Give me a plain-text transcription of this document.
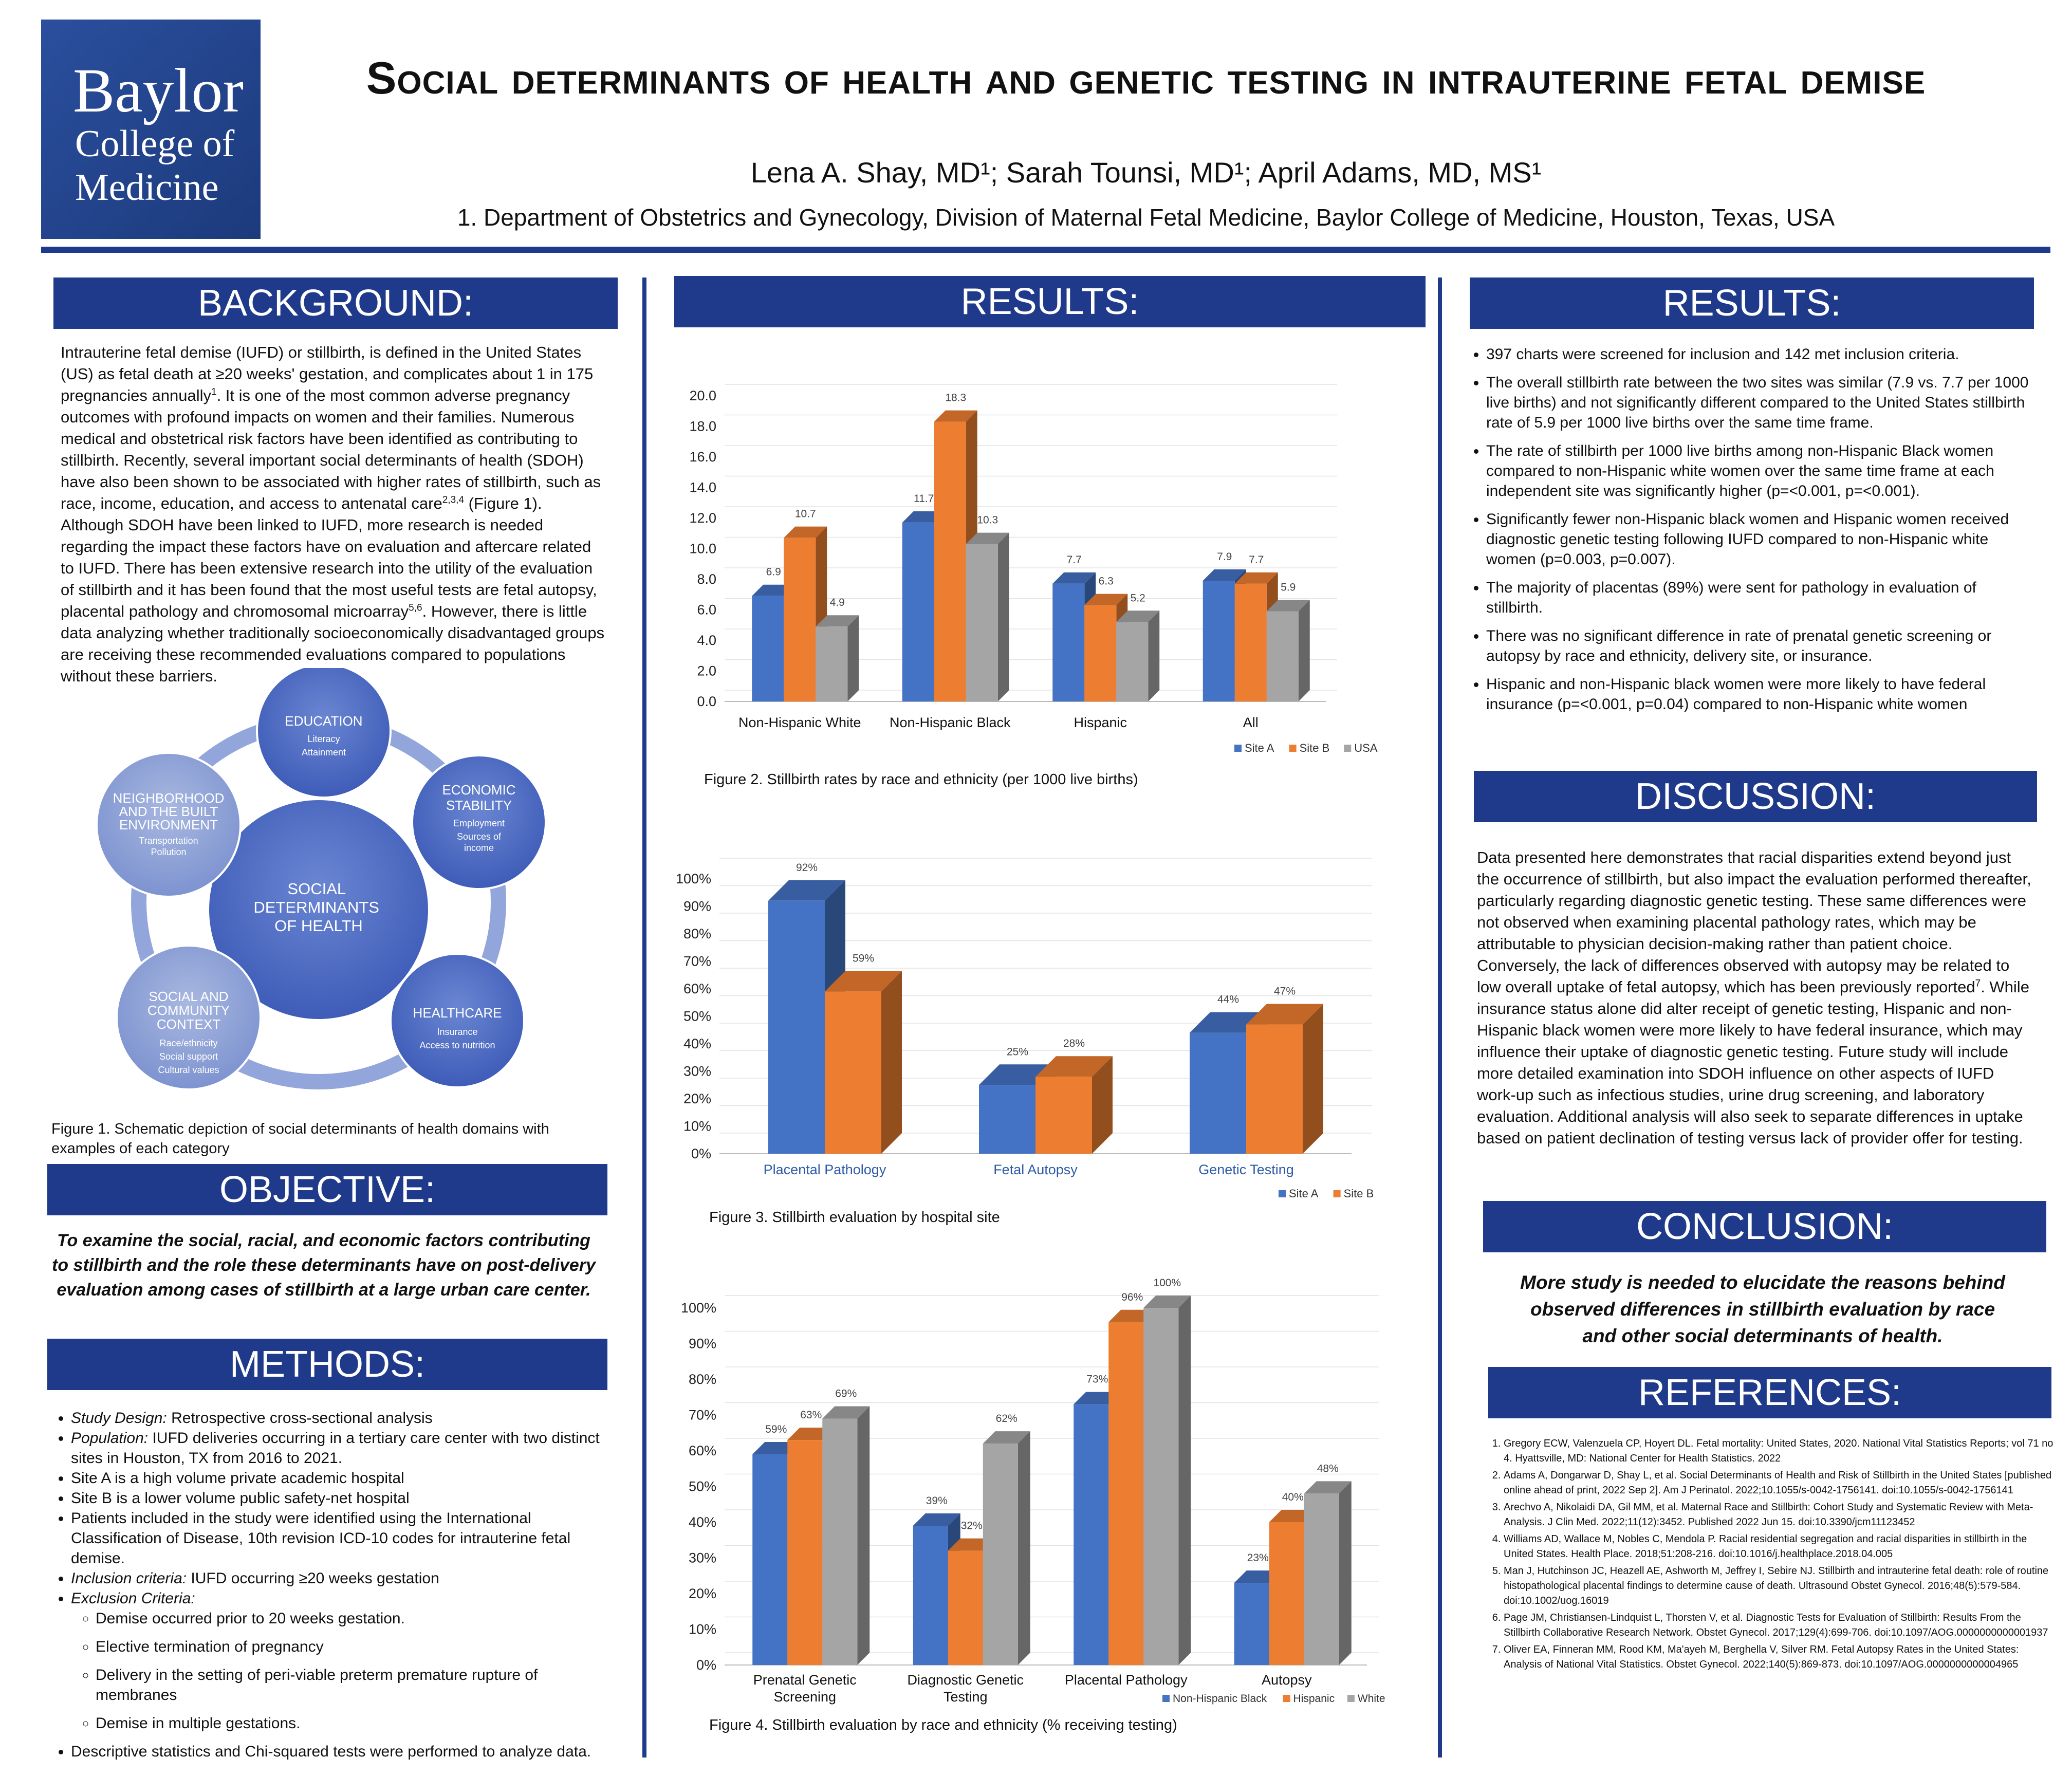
Baylor
College of
Medicine
Social determinants of health and genetic testing in intrauterine fetal demise
Lena A. Shay, MD¹; Sarah Tounsi, MD¹; April Adams, MD, MS¹
1. Department of Obstetrics and Gynecology, Division of Maternal Fetal Medicine, Baylor College of Medicine, Houston, Texas, USA
BACKGROUND:
Intrauterine fetal demise (IUFD) or stillbirth, is defined in the United States (US) as fetal death at ≥20 weeks' gestation, and complicates about 1 in 175 pregnancies annually$^1$. It is one of the most common adverse pregnancy outcomes with profound impacts on women and their families. Numerous medical and obstetrical risk factors have been identified as contributing to stillbirth. Recently, several important social determinants of health (SDOH) have also been shown to be associated with higher rates of stillbirth, such as race, income, education, and access to antenatal care$^{2,3,4}$ (Figure 1). Although SDOH have been linked to IUFD, more research is needed regarding the impact these factors have on evaluation and aftercare related to IUFD. There has been extensive research into the utility of the evaluation of stillbirth and it has been found that the most useful tests are fetal autopsy, placental pathology and chromosomal microarray$^{5,6}$. However, there is little data analyzing whether traditionally socioeconomically disadvantaged groups are receiving these recommended evaluations compared to populations without these barriers.
SOCIAL DETERMINANTS OF HEALTH
EDUCATION
Literacy
Attainment
ECONOMIC
STABILITY
Employment
Sources of
income
HEALTHCARE
Insurance
Access to nutrition
SOCIAL AND
COMMUNITY
CONTEXT
Race/ethnicity
Social support
Cultural values
NEIGHBORHOOD
AND THE BUILT
ENVIRONMENT
Transportation
Pollution
Figure 1. Schematic depiction of social determinants of health domains with examples of each category
OBJECTIVE:
To examine the social, racial, and economic factors contributing to stillbirth and the role these determinants have on post-delivery evaluation among cases of stillbirth at a large urban care center.
METHODS:
• Study Design: Retrospective cross-sectional analysis
• Population: IUFD deliveries occurring in a tertiary care center with two distinct sites in Houston, TX from 2016 to 2021.
• Site A is a high volume private academic hospital
• Site B is a lower volume public safety-net hospital
• Patients included in the study were identified using the International Classification of Disease, 10th revision ICD-10 codes for intrauterine fetal demise.
• Inclusion criteria: IUFD occurring ≥20 weeks gestation
• Exclusion Criteria:
◦ Demise occurred prior to 20 weeks gestation.
◦ Elective termination of pregnancy
◦ Delivery in the setting of peri-viable preterm premature rupture of membranes
◦ Demise in multiple gestations.
• Descriptive statistics and Chi-squared tests were performed to analyze data.
RESULTS:
0.0
2.0
4.0
6.0
8.0
10.0
12.0
14.0
16.0
18.0
20.0
6.9
10.7
4.9
Non-Hispanic White
11.7
18.3
10.3
Non-Hispanic Black
7.7
6.3
5.2
Hispanic
7.9 7.7
5.9
All
Site A Site B USA
Figure 2. Stillbirth rates by race and ethnicity (per 1000 live births)
0%
10%
20%
30%
40%
50%
60%
70%
80%
90%
100%
92%
59%
Placental Pathology
25%
28%
Fetal Autopsy
44%
47%
Genetic Testing
Site A Site B
Figure 3. Stillbirth evaluation by hospital site
0%
10%
20%
30%
40%
50%
60%
70%
80%
90%
100%
59%
63%
69%
Prenatal Genetic
Screening
39%
32%
62%
Diagnostic Genetic
Testing
73%
96%
100%
Placental Pathology
23%
40%
48%
Autopsy
Non-Hispanic Black Hispanic White
Figure 4. Stillbirth evaluation by race and ethnicity (% receiving testing)
RESULTS:
• 397 charts were screened for inclusion and 142 met inclusion criteria.
• The overall stillbirth rate between the two sites was similar (7.9 vs. 7.7 per 1000 live births) and not significantly different compared to the United States stillbirth rate of 5.9 per 1000 live births over the same time frame.
• The rate of stillbirth per 1000 live births among non-Hispanic Black women compared to non-Hispanic white women over the same time frame at each independent site was significantly higher (p=<0.001, p=<0.001).
• Significantly fewer non-Hispanic black women and Hispanic women received diagnostic genetic testing following IUFD compared to non-Hispanic white women (p=0.003, p=0.007).
• The majority of placentas (89%) were sent for pathology in evaluation of stillbirth.
• There was no significant difference in rate of prenatal genetic screening or autopsy by race and ethnicity, delivery site, or insurance.
• Hispanic and non-Hispanic black women were more likely to have federal insurance (p=<0.001, p=0.04) compared to non-Hispanic white women
DISCUSSION:
Data presented here demonstrates that racial disparities extend beyond just the occurrence of stillbirth, but also impact the evaluation performed thereafter, particularly regarding diagnostic genetic testing. These same differences were not observed when examining placental pathology rates, which may be attributable to physician decision-making rather than patient choice. Conversely, the lack of differences observed with autopsy may be related to low overall uptake of fetal autopsy, which has been previously reported$^7$. While insurance status alone did alter receipt of genetic testing, Hispanic and non-Hispanic black women were more likely to have federal insurance, which may influence their uptake of diagnostic genetic testing. Future study will include more detailed examination into SDOH influence on other aspects of IUFD work-up such as infectious studies, urine drug screening, and laboratory evaluation. Additional analysis will also seek to separate differences in uptake based on patient declination of testing versus lack of provider offer for testing.
CONCLUSION:
More study is needed to elucidate the reasons behind observed differences in stillbirth evaluation by race and other social determinants of health.
REFERENCES:
1. Gregory ECW, Valenzuela CP, Hoyert DL. Fetal mortality: United States, 2020. National Vital Statistics Reports; vol 71 no 4. Hyattsville, MD: National Center for Health Statistics. 2022
2. Adams A, Dongarwar D, Shay L, et al. Social Determinants of Health and Risk of Stillbirth in the United States [published online ahead of print, 2022 Sep 2]. Am J Perinatol. 2022;10.1055/s-0042-1756141. doi:10.1055/s-0042-1756141
3. Arechvo A, Nikolaidi DA, Gil MM, et al. Maternal Race and Stillbirth: Cohort Study and Systematic Review with Meta-Analysis. J Clin Med. 2022;11(12):3452. Published 2022 Jun 15. doi:10.3390/jcm11123452
4. Williams AD, Wallace M, Nobles C, Mendola P. Racial residential segregation and racial disparities in stillbirth in the United States. Health Place. 2018;51:208-216. doi:10.1016/j.healthplace.2018.04.005
5. Man J, Hutchinson JC, Heazell AE, Ashworth M, Jeffrey I, Sebire NJ. Stillbirth and intrauterine fetal death: role of routine histopathological placental findings to determine cause of death. Ultrasound Obstet Gynecol. 2016;48(5):579-584. doi:10.1002/uog.16019
6. Page JM, Christiansen-Lindquist L, Thorsten V, et al. Diagnostic Tests for Evaluation of Stillbirth: Results From the Stillbirth Collaborative Research Network. Obstet Gynecol. 2017;129(4):699-706. doi:10.1097/AOG.0000000000001937
7. Oliver EA, Finneran MM, Rood KM, Ma'ayeh M, Berghella V, Silver RM. Fetal Autopsy Rates in the United States: Analysis of National Vital Statistics. Obstet Gynecol. 2022;140(5):869-873. doi:10.1097/AOG.0000000000004965
